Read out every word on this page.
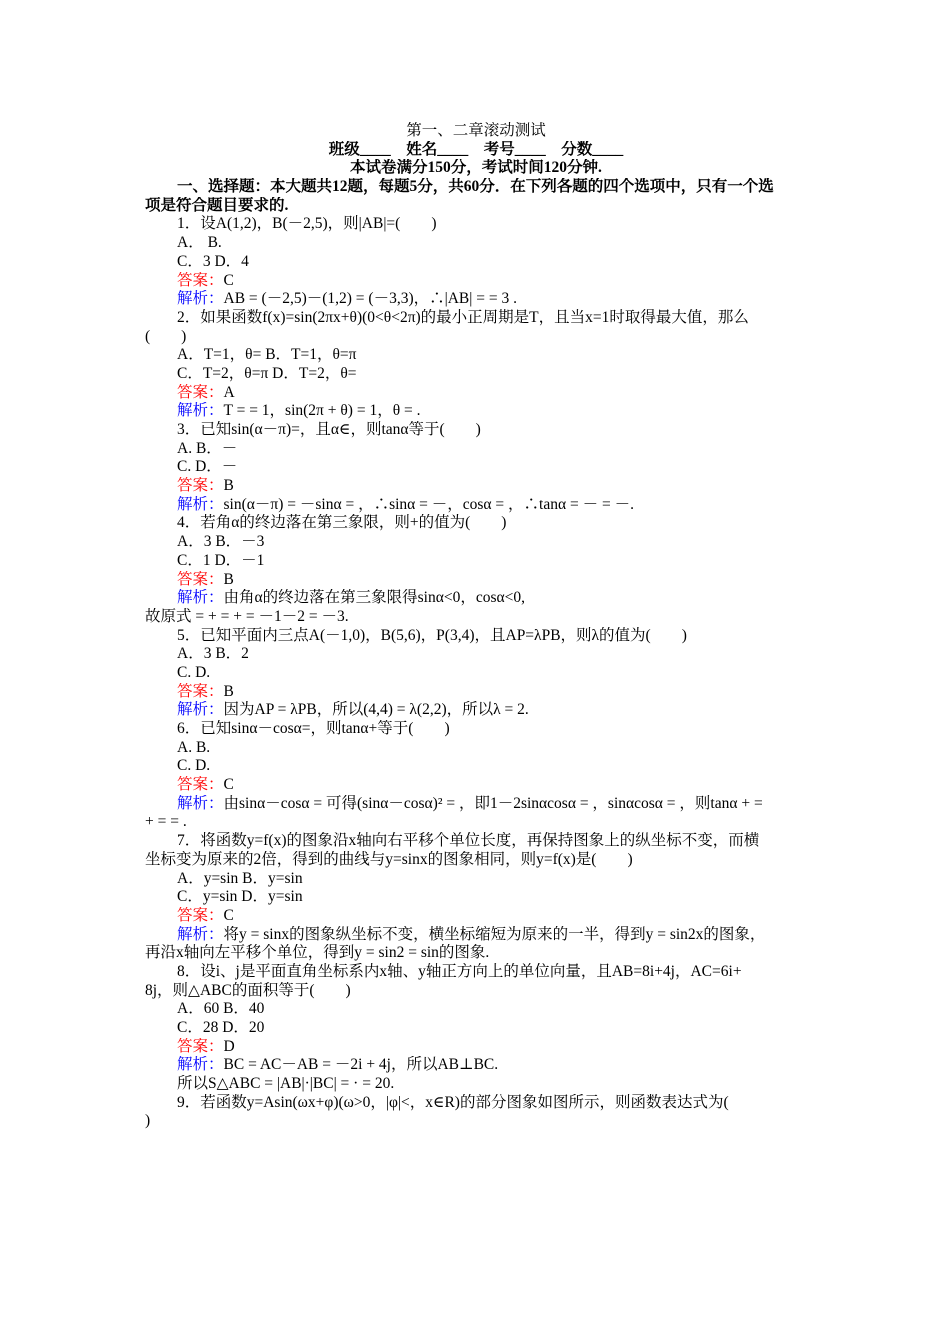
第一、二章滚动测试
班级____　姓名____　考号____　分数____
本试卷满分150分，考试时间120分钟.
一、选择题：本大题共12题，每题5分，共60分．在下列各题的四个选项中，只有一个选
项是符合题目要求的.
1．设A(1,2)，B(－2,5)，则|AB|=(　　)
A． B.
C．3 D．4
答案：C
解析：AB = (－2,5)－(1,2) = (－3,3)，∴|AB| = = 3 .
2．如果函数f(x)=sin(2πx+θ)(0<θ<2π)的最小正周期是T，且当x=1时取得最大值，那么
(　　)
A．T=1，θ= B．T=1，θ=π
C．T=2，θ=π D．T=2，θ=
答案：A
解析：T = = 1，sin(2π + θ) = 1，θ = .
3．已知sin(α－π)=，且α∈，则tanα等于(　　)
A. B．－
C. D．－
答案：B
解析：sin(α－π) = －sinα = ，∴sinα = －，cosα = ，∴tanα = － = －.
4．若角α的终边落在第三象限，则+的值为(　　)
A．3 B．－3
C．1 D．－1
答案：B
解析：由角α的终边落在第三象限得sinα<0，cosα<0,
故原式 = + = + = －1－2 = －3.
5．已知平面内三点A(－1,0)，B(5,6)，P(3,4)，且AP=λPB，则λ的值为(　　)
A．3 B．2
C. D.
答案：B
解析：因为AP = λPB，所以(4,4) = λ(2,2)，所以λ = 2.
6．已知sinα－cosα=，则tanα+等于(　　)
A. B.
C. D.
答案：C
解析：由sinα－cosα = 可得(sinα－cosα)² = ，即1－2sinαcosα = ，sinαcosα = ，则tanα + =
+ = = .
7．将函数y=f(x)的图象沿x轴向右平移个单位长度，再保持图象上的纵坐标不变，而横
坐标变为原来的2倍，得到的曲线与y=sinx的图象相同，则y=f(x)是(　　)
A．y=sin B．y=sin
C．y=sin D．y=sin
答案：C
解析：将y = sinx的图象纵坐标不变，横坐标缩短为原来的一半，得到y = sin2x的图象，
再沿x轴向左平移个单位，得到y = sin2 = sin的图象.
8．设i、j是平面直角坐标系内x轴、y轴正方向上的单位向量，且AB=8i+4j，AC=6i+
8j，则△ABC的面积等于(　　)
A．60 B．40
C．28 D．20
答案：D
解析：BC = AC－AB = －2i + 4j，所以AB⊥BC.
所以S△ABC = |AB|·|BC| = · = 20.
9．若函数y=Asin(ωx+φ)(ω>0，|φ|<，x∈R)的部分图象如图所示，则函数表达式为(
)
